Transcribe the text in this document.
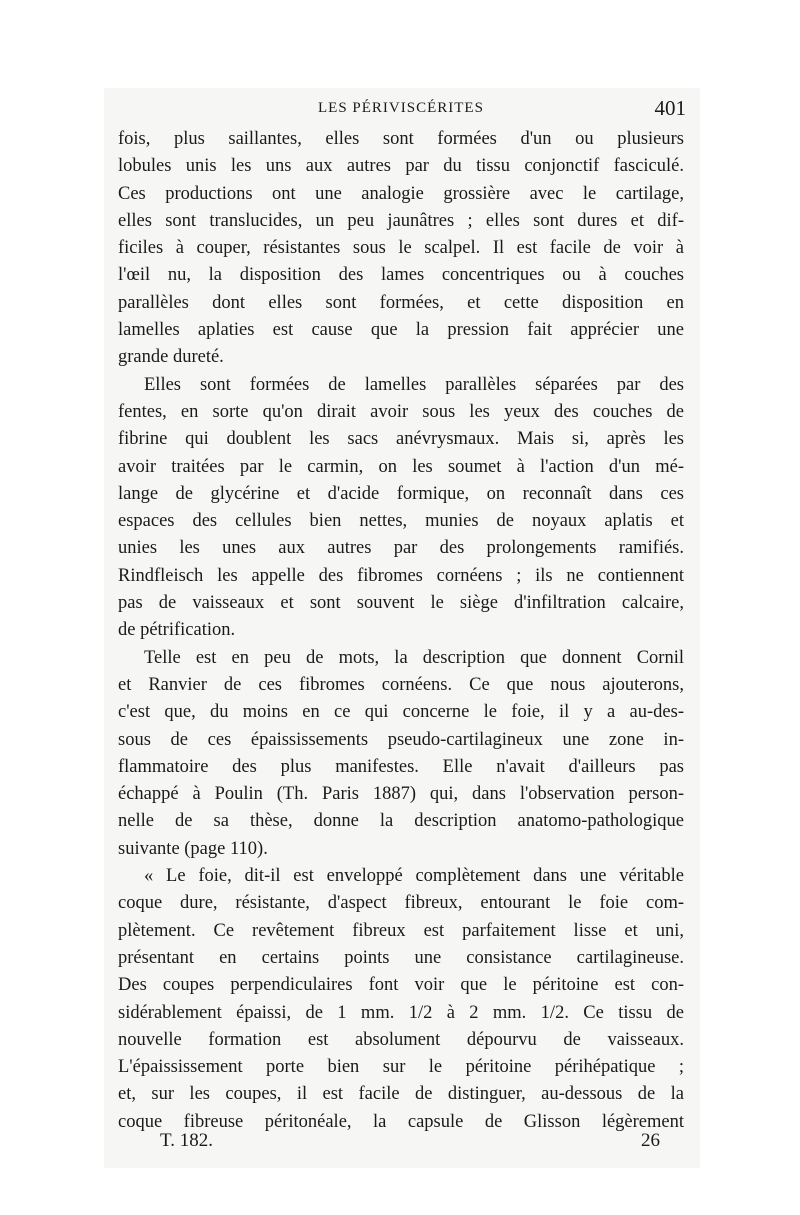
LES PÉRIVISCÉRITES	401
fois, plus saillantes, elles sont formées d'un ou plusieurs
lobules unis les uns aux autres par du tissu conjonctif fasciculé.
Ces productions ont une analogie grossière avec le cartilage,
elles sont translucides, un peu jaunâtres ; elles sont dures et dif-
ficiles à couper, résistantes sous le scalpel. Il est facile de voir à
l'œil nu, la disposition des lames concentriques ou à couches
parallèles dont elles sont formées, et cette disposition en
lamelles aplaties est cause que la pression fait apprécier une
grande dureté.
Elles sont formées de lamelles parallèles séparées par des
fentes, en sorte qu'on dirait avoir sous les yeux des couches de
fibrine qui doublent les sacs anévrysmaux. Mais si, après les
avoir traitées par le carmin, on les soumet à l'action d'un mé-
lange de glycérine et d'acide formique, on reconnaît dans ces
espaces des cellules bien nettes, munies de noyaux aplatis et
unies les unes aux autres par des prolongements ramifiés.
Rindfleisch les appelle des fibromes cornéens ; ils ne contiennent
pas de vaisseaux et sont souvent le siège d'infiltration calcaire,
de pétrification.
Telle est en peu de mots, la description que donnent Cornil
et Ranvier de ces fibromes cornéens. Ce que nous ajouterons,
c'est que, du moins en ce qui concerne le foie, il y a au-des-
sous de ces épaississements pseudo-cartilagineux une zone in-
flammatoire des plus manifestes. Elle n'avait d'ailleurs pas
échappé à Poulin (Th. Paris 1887) qui, dans l'observation person-
nelle de sa thèse, donne la description anatomo-pathologique
suivante (page 110).
« Le foie, dit-il est enveloppé complètement dans une véritable
coque dure, résistante, d'aspect fibreux, entourant le foie com-
plètement. Ce revêtement fibreux est parfaitement lisse et uni,
présentant en certains points une consistance cartilagineuse.
Des coupes perpendiculaires font voir que le péritoine est con-
sidérablement épaissi, de 1 mm. 1/2 à 2 mm. 1/2. Ce tissu de
nouvelle formation est absolument dépourvu de vaisseaux.
L'épaississement porte bien sur le péritoine périhépatique ;
et, sur les coupes, il est facile de distinguer, au-dessous de la
coque fibreuse péritonéale, la capsule de Glisson légèrement
T. 182.	26
